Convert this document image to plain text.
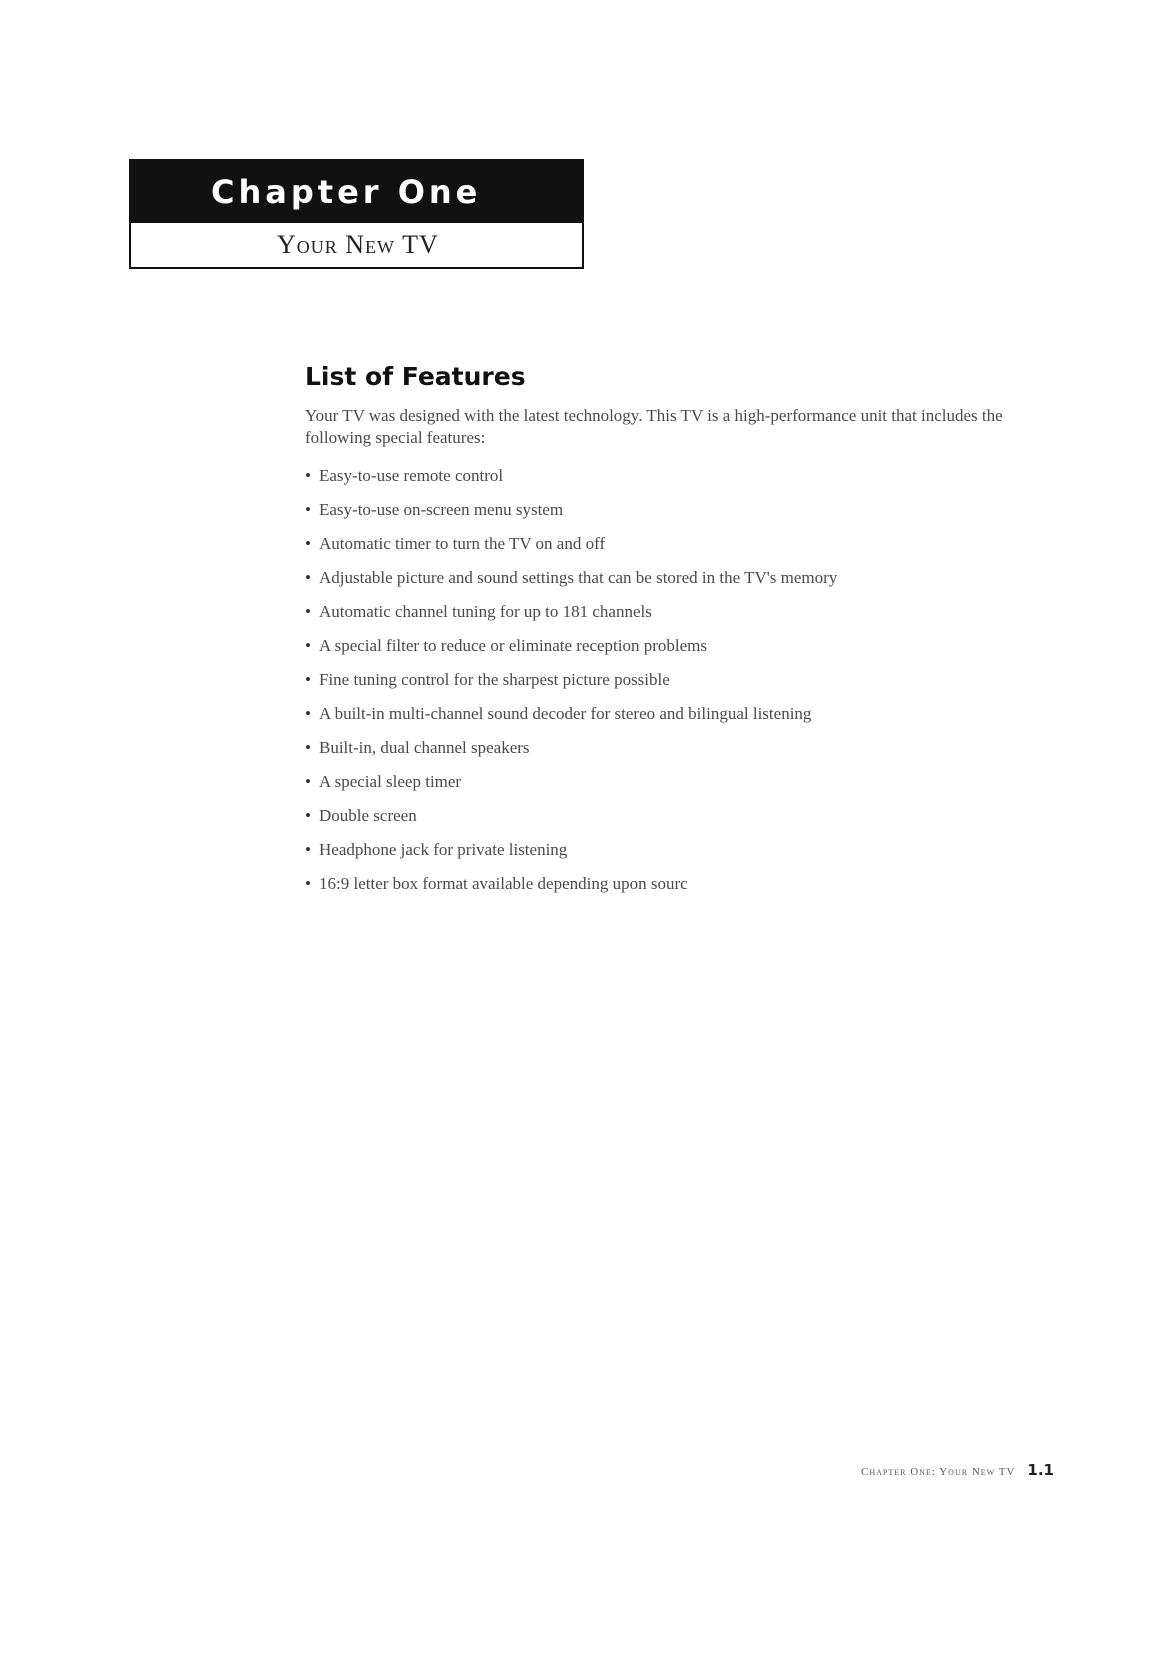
Chapter One
Your New TV
List of Features

Your TV was designed with the latest technology. This TV is a high-performance unit that includes the following special features:

• Easy-to-use remote control
• Easy-to-use on-screen menu system
• Automatic timer to turn the TV on and off
• Adjustable picture and sound settings that can be stored in the TV's memory
• Automatic channel tuning for up to 181 channels
• A special filter to reduce or eliminate reception problems
• Fine tuning control for the sharpest picture possible
• A built-in multi-channel sound decoder for stereo and bilingual listening
• Built-in, dual channel speakers
• A special sleep timer
• Double screen
• Headphone jack for private listening
• 16:9 letter box format available depending upon sourc
Chapter One: Your New TV 1.1
